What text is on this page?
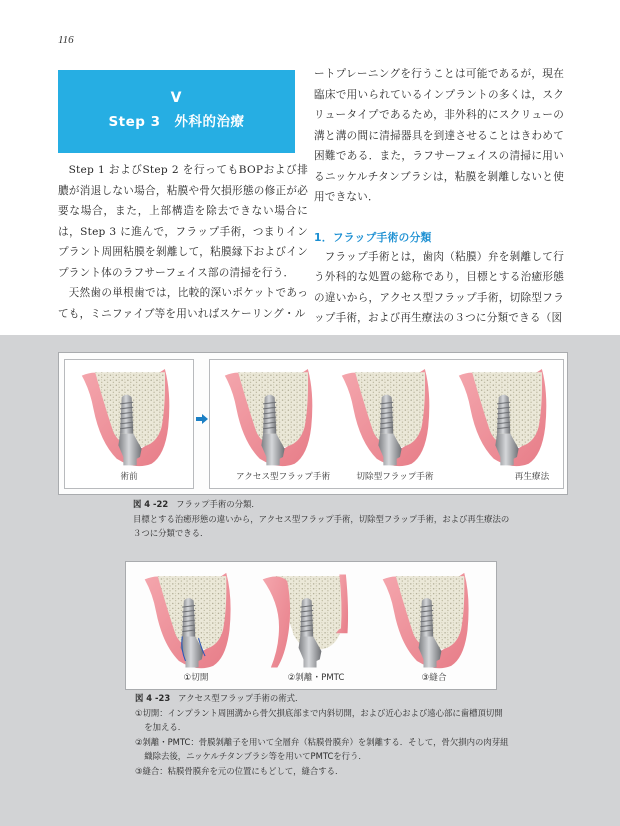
116
V
Step 3　外科的治療

Step 1 およびStep 2 を行ってもBOPおよび排膿が消退しない場合，粘膜や骨欠損形態の修正が必要な場合，また，上部構造を除去できない場合には，Step 3 に進んで，フラップ手術，つまりインプラント周囲粘膜を剝離して，粘膜縁下およびインプラント体のラフサーフェイス部の清掃を行う．

天然歯の単根歯では，比較的深いポケットであっても，ミニファイブ等を用いればスケーリング・ル

ートプレーニングを行うことは可能であるが，現在臨床で用いられているインプラントの多くは，スクリュータイプであるため，非外科的にスクリューの溝と溝の間に清掃器具を到達させることはきわめて困難である．また，ラフサーフェイスの清掃に用いるニッケルチタンブラシは，粘膜を剝離しないと使用できない．

1．フラップ手術の分類

フラップ手術とは，歯肉（粘膜）弁を剝離して行う外科的な処置の総称であり，目標とする治癒形態の違いから，アクセス型フラップ手術，切除型フラップ手術，および再生療法の３つに分類できる（図

術前	アクセス型フラップ手術	切除型フラップ手術	再生療法
図 4 -22 フラップ手術の分類．
目標とする治癒形態の違いから，アクセス型フラップ手術，切除型フラップ手術，および再生療法の３つに分類できる．
①切開	②剝離・PMTC	③縫合
図 4 -23 アクセス型フラップ手術の術式．
①切開：インプラント周囲溝から骨欠損底部まで内斜切開，および近心および遠心部に歯槽頂切開を加える．
②剝離・PMTC：骨膜剝離子を用いて全層弁（粘膜骨膜弁）を剝離する．そして，骨欠損内の肉芽組織除去後，ニッケルチタンブラシ等を用いてPMTCを行う．
③縫合：粘膜骨膜弁を元の位置にもどして，縫合する．
